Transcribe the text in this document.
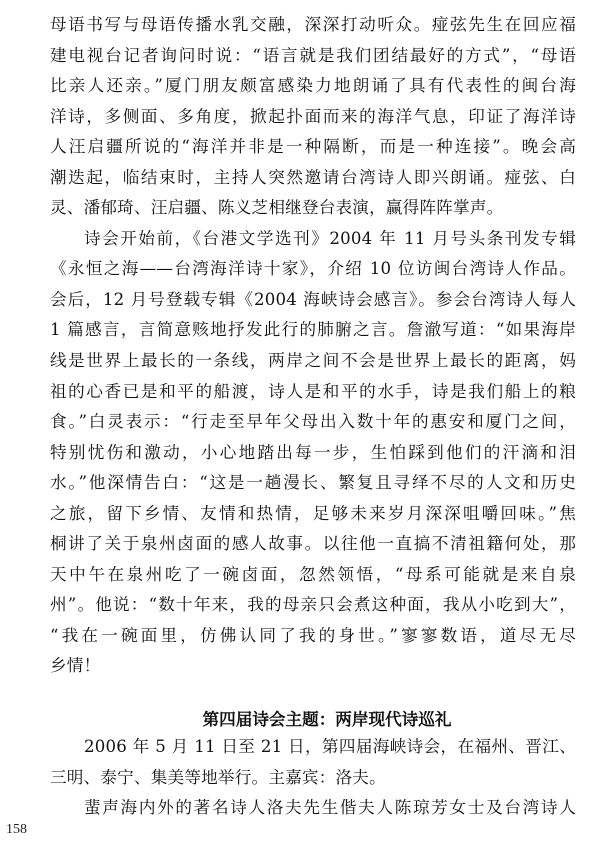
母语书写与母语传播水乳交融，深深打动听众。痖弦先生在回应福
建电视台记者询问时说：“语言就是我们团结最好的方式”，“母语
比亲人还亲。”厦门朋友颇富感染力地朗诵了具有代表性的闽台海
洋诗，多侧面、多角度，掀起扑面而来的海洋气息，印证了海洋诗
人汪启疆所说的“海洋并非是一种隔断，而是一种连接”。晚会高
潮迭起，临结束时，主持人突然邀请台湾诗人即兴朗诵。痖弦、白
灵、潘郁琦、汪启疆、陈义芝相继登台表演，赢得阵阵掌声。
诗会开始前，《台港文学选刊》2004 年 11 月号头条刊发专辑
《永恒之海——台湾海洋诗十家》，介绍 10 位访闽台湾诗人作品。
会后，12 月号登载专辑《2004 海峡诗会感言》。参会台湾诗人每人
1 篇感言，言简意赅地抒发此行的肺腑之言。詹澈写道：“如果海岸
线是世界上最长的一条线，两岸之间不会是世界上最长的距离，妈
祖的心香已是和平的船渡，诗人是和平的水手，诗是我们船上的粮
食。”白灵表示：“行走至早年父母出入数十年的惠安和厦门之间，
特别忧伤和激动，小心地踏出每一步，生怕踩到他们的汗滴和泪
水。”他深情告白：“这是一趟漫长、繁复且寻绎不尽的人文和历史
之旅，留下乡情、友情和热情，足够未来岁月深深咀嚼回味。”焦
桐讲了关于泉州卤面的感人故事。以往他一直搞不清祖籍何处，那
天中午在泉州吃了一碗卤面，忽然领悟，“母系可能就是来自泉
州”。他说：“数十年来，我的母亲只会煮这种面，我从小吃到大”，
“我在一碗面里，仿佛认同了我的身世。”寥寥数语，道尽无尽
乡情！
第四届诗会主题：两岸现代诗巡礼
2006 年 5 月 11 日至 21 日，第四届海峡诗会，在福州、晋江、
三明、泰宁、集美等地举行。主嘉宾：洛夫。
蜚声海内外的著名诗人洛夫先生偕夫人陈琼芳女士及台湾诗人
158
